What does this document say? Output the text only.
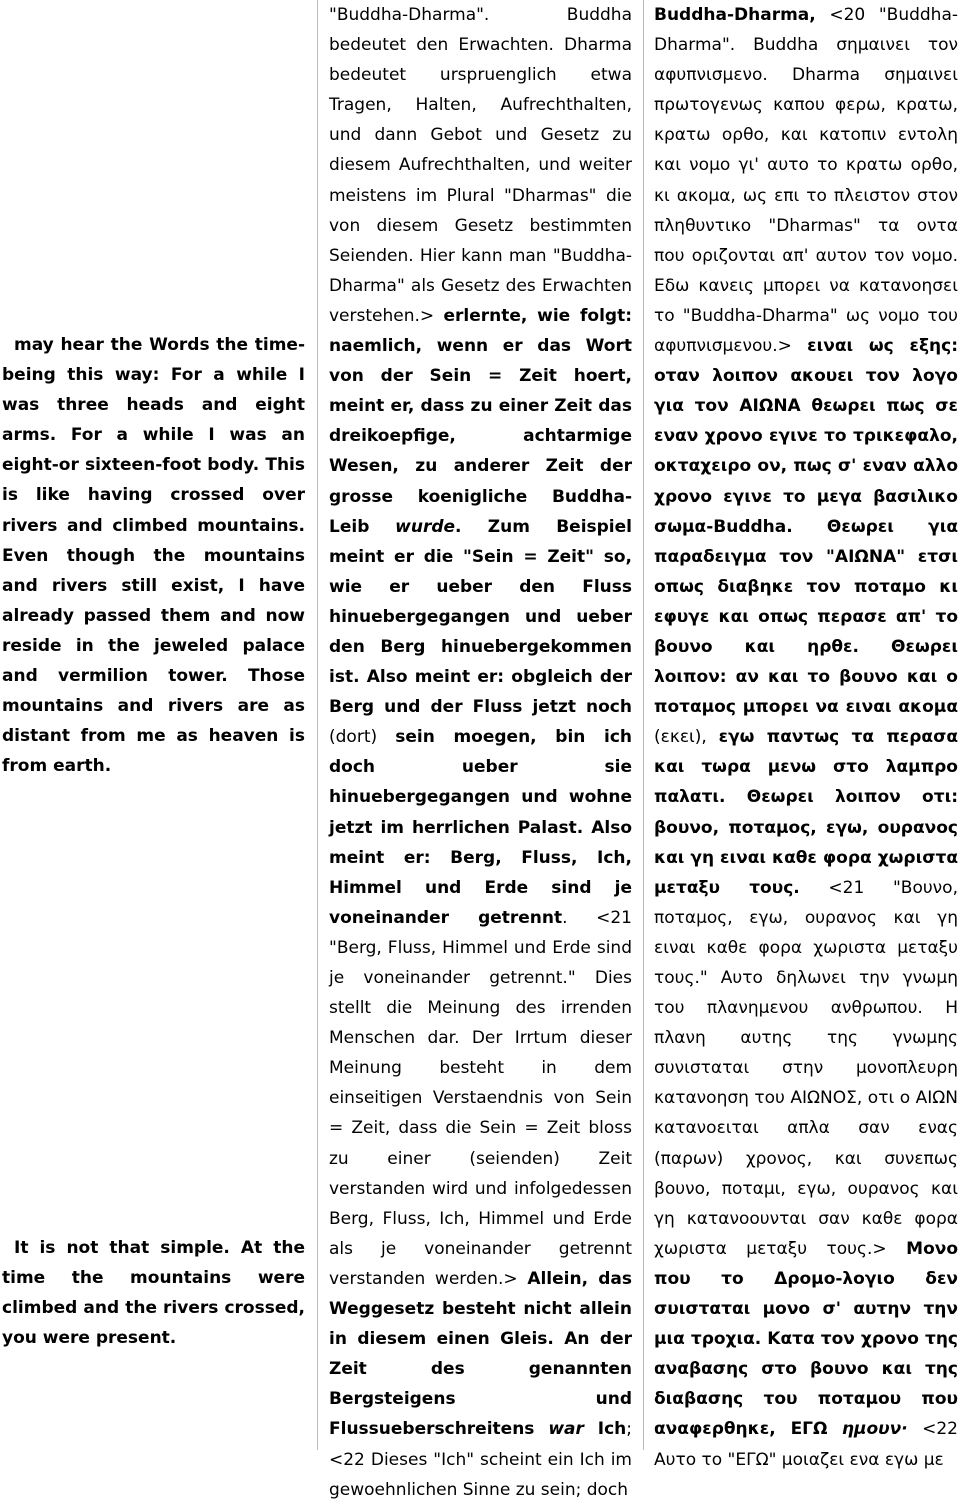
may hear the Words the time-being this way: For a while I was three heads and eight arms. For a while I was an eight-or sixteen-foot body. This is like having crossed over rivers and climbed mountains. Even though the mountains and rivers still exist, I have already passed them and now reside in the jeweled palace and vermilion tower. Those mountains and rivers are as distant from me as heaven is from earth.

It is not that simple. At the time the mountains were climbed and the rivers crossed, you were present.

"Buddha-Dharma". Buddha bedeutet den Erwachten. Dharma bedeutet urspruenglich etwa Tragen, Halten, Aufrechthalten, und dann Gebot und Gesetz zu diesem Aufrechthalten, und weiter meistens im Plural "Dharmas" die von diesem Gesetz bestimmten Seienden. Hier kann man "Buddha-Dharma" als Gesetz des Erwachten verstehen.> erlernte, wie folgt: naemlich, wenn er das Wort von der Sein = Zeit hoert, meint er, dass zu einer Zeit das dreikoepfige, achtarmige Wesen, zu anderer Zeit der grosse koenigliche Buddha-Leib wurde. Zum Beispiel meint er die "Sein = Zeit" so, wie er ueber den Fluss hinuebergegangen und ueber den Berg hinuebergekommen ist. Also meint er: obgleich der Berg und der Fluss jetzt noch (dort) sein moegen, bin ich doch ueber sie hinuebergegangen und wohne jetzt im herrlichen Palast. Also meint er: Berg, Fluss, Ich, Himmel und Erde sind je voneinander getrennt. <21 "Berg, Fluss, Himmel und Erde sind je voneinander getrennt." Dies stellt die Meinung des irrenden Menschen dar. Der Irrtum dieser Meinung besteht in dem einseitigen Verstaendnis von Sein = Zeit, dass die Sein = Zeit bloss zu einer (seienden) Zeit verstanden wird und infolgedessen Berg, Fluss, Ich, Himmel und Erde als je voneinander getrennt verstanden werden.> Allein, das Weggesetz besteht nicht allein in diesem einen Gleis. An der Zeit des genannten Bergsteigens und Flussueberschreitens war Ich; <22 Dieses "Ich" scheint ein Ich im gewoehnlichen Sinne zu sein; doch
Buddha-Dharma, <20 "Buddha-Dharma". Buddha σημαινει τον αφυπνισμενο. Dharma σημαινει πρωτογενως καπου φερω, κρατω, κρατω ορθο, και κατοπιν εντολη και νομο γι' αυτο το κρατω ορθο, κι ακομα, ως επι το πλειστον στον πληθυντικο "Dharmas" τα οντα που οριζονται απ' αυτον τον νομο. Εδω κανεις μπορει να κατανοησει το "Buddha-Dharma" ως νομο του αφυπνισμενου.> ειναι ως εξης: οταν λοιπον ακουει τον λογο για τον ΑΙΩΝΑ θεωρει πως σε εναν χρονο εγινε το τρικεφαλο, οκταχειρο ον, πως σ' εναν αλλο χρονο εγινε το μεγα βασιλικο σωμα-Buddha. Θεωρει για παραδειγμα τον "ΑΙΩΝΑ" ετσι οπως διαβηκε τον ποταμο κι εφυγε και οπως περασε απ' το βουνο και ηρθε. Θεωρει λοιπον: αν και το βουνο και ο ποταμος μπορει να ειναι ακομα (εκει), εγω παντως τα περασα και τωρα μενω στο λαμπρο παλατι. Θεωρει λοιπον οτι: βουνο, ποταμος, εγω, ουρανος και γη ειναι καθε φορα χωριστα μεταξυ τους. <21 "Βουνο, ποταμος, εγω, ουρανος και γη ειναι καθε φορα χωριστα μεταξυ τους." Αυτο δηλωνει την γνωμη του πλανημενου ανθρωπου. Η πλανη αυτης της γνωμης συνισταται στην μονοπλευρη κατανοηση του ΑΙΩΝΟΣ, οτι ο ΑΙΩΝ κατανοειται απλα σαν ενας (παρων) χρονος, και συνεπως βουνο, ποταμι, εγω, ουρανος και γη κατανοουνται σαν καθε φορα χωριστα μεταξυ τους.> Μονο που το Δρομο-λογιο δεν συισταται μονο σ' αυτην την μια τροχια. Κατα τον χρονο της αναβασης στο βουνο και της διαβασης του ποταμου που αναφερθηκε, ΕΓΩ ημουν· <22 Αυτο το "ΕΓΩ" μοιαζει ενα εγω με
